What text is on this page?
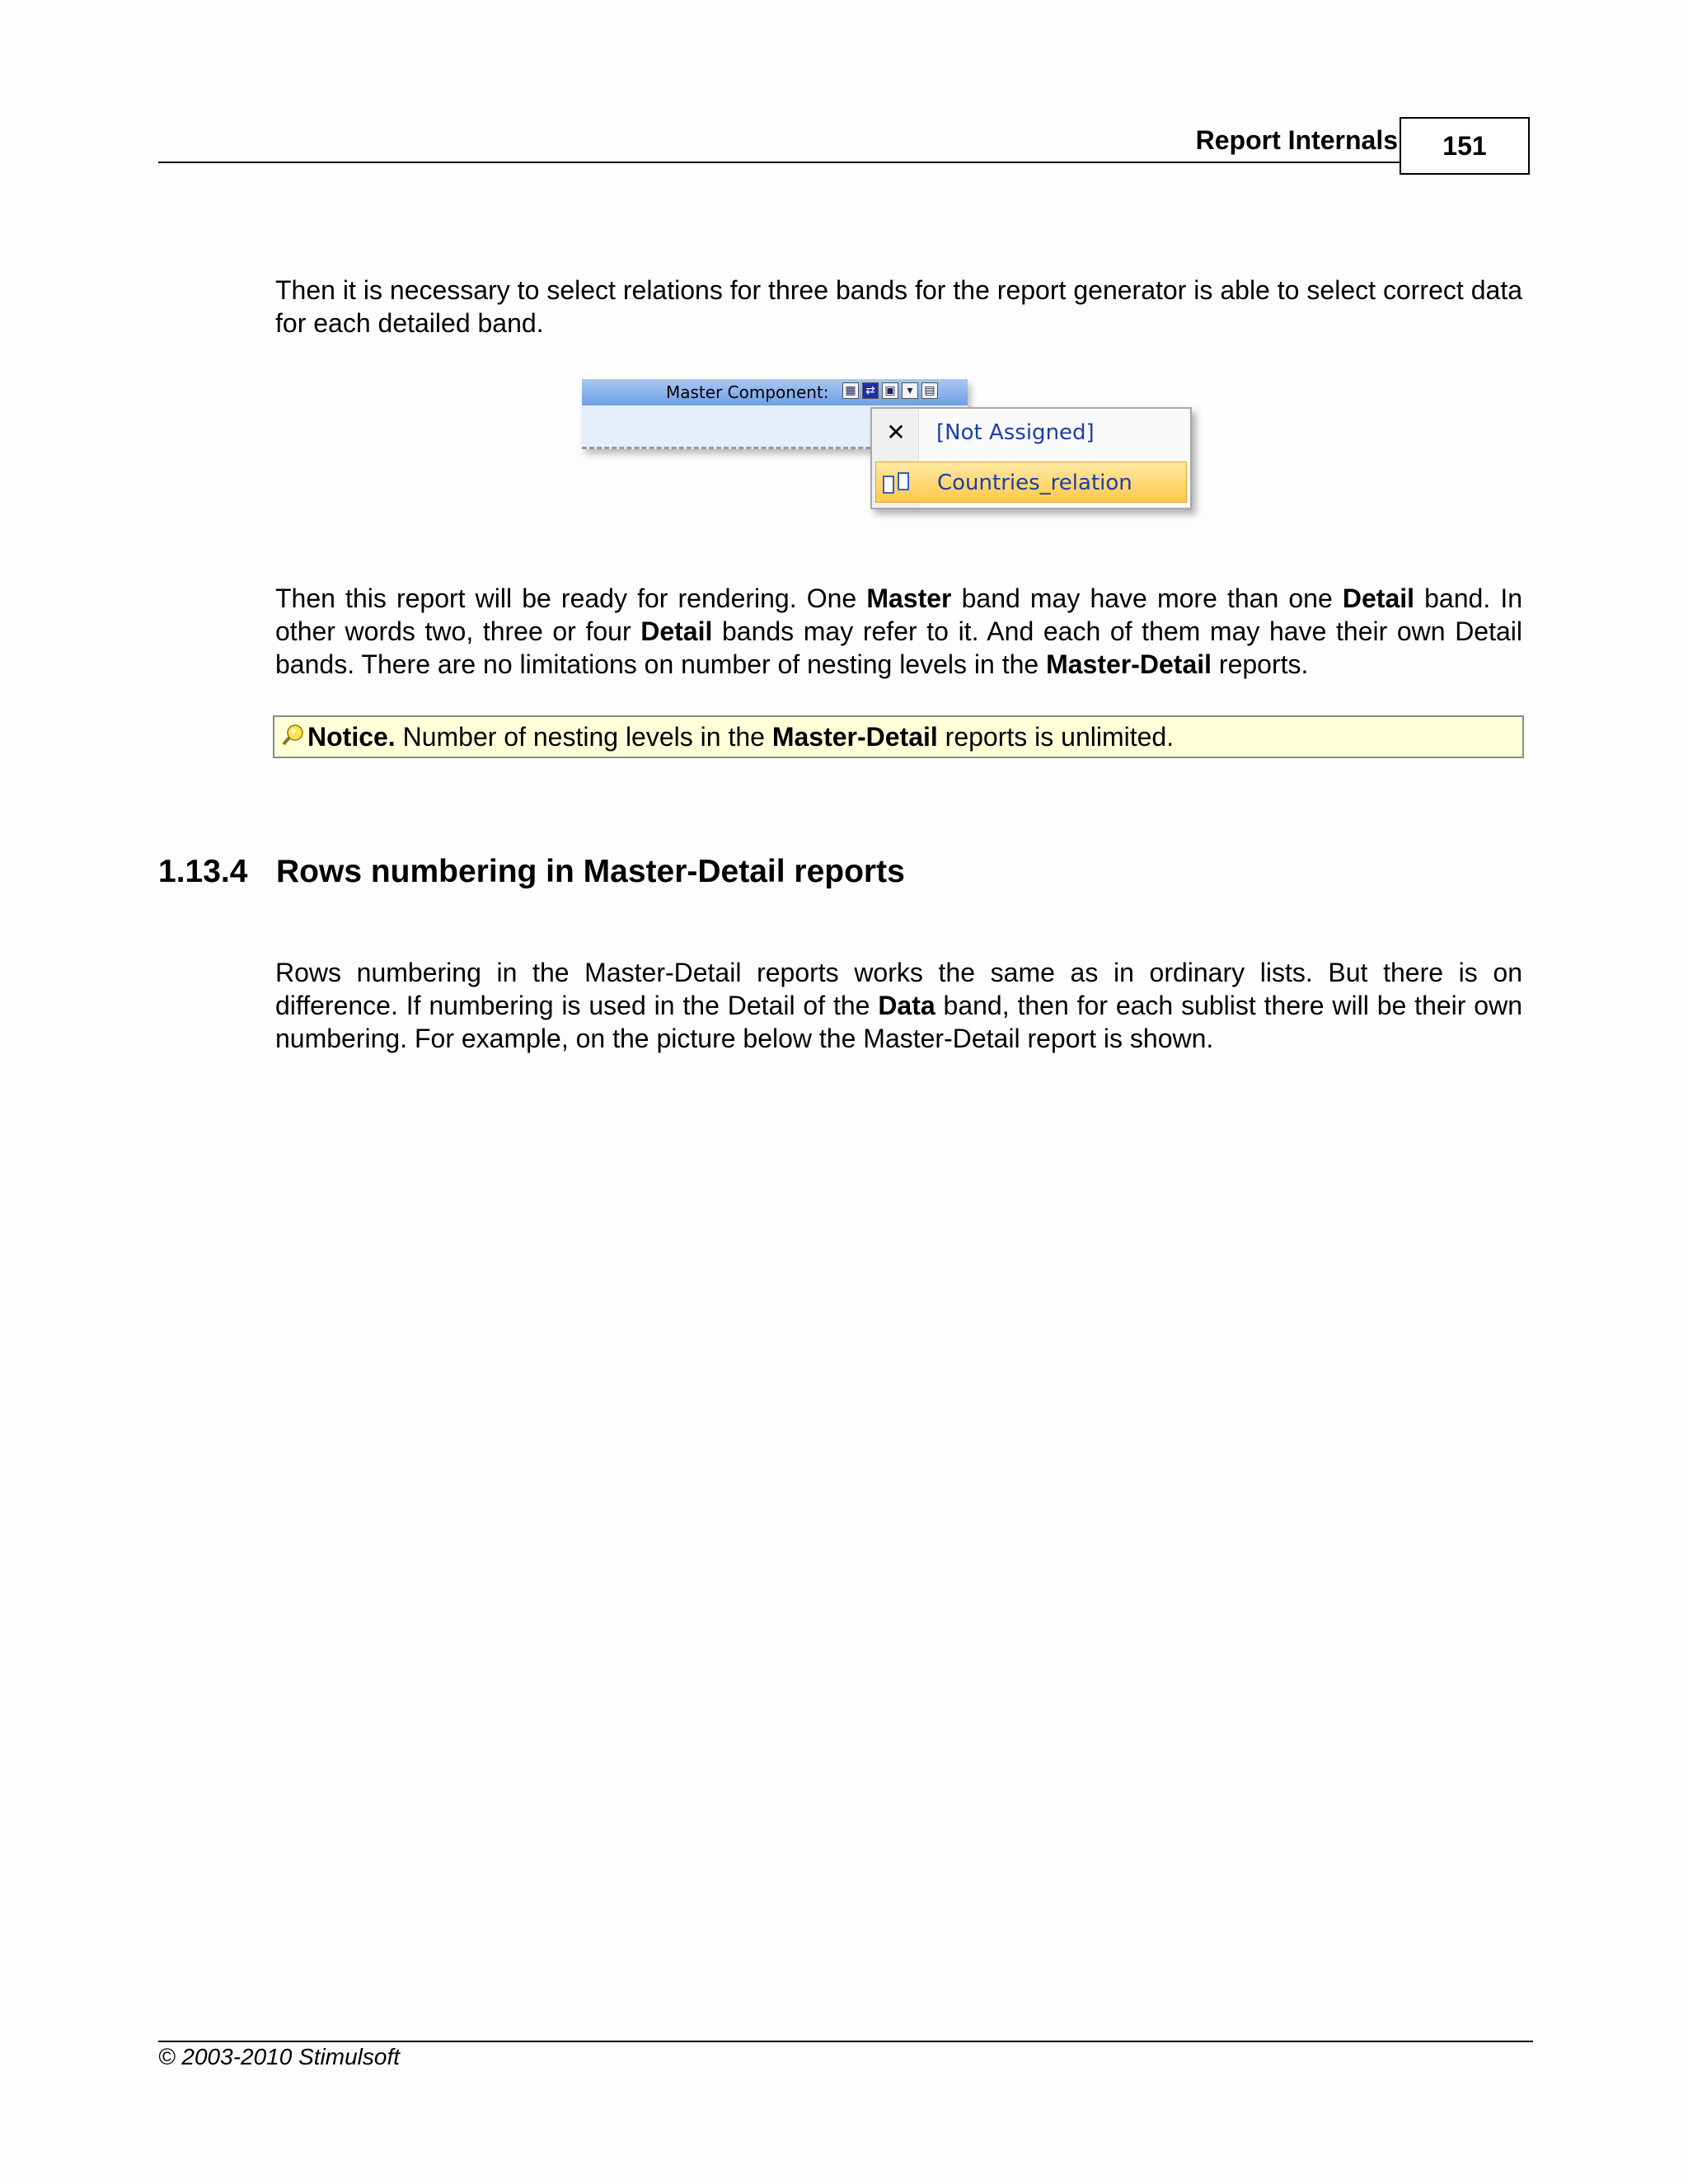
Report Internals 151

Then it is necessary to select relations for three bands for the report generator is able to select correct data for each detailed band.

Master Component: ▦ ⇄ ▣ ▾ ▤
✕ [Not Assigned]
Countries_relation

Then this report will be ready for rendering. One Master band may have more than one Detail band. In other words two, three or four Detail bands may refer to it. And each of them may have their own Detail bands. There are no limitations on number of nesting levels in the Master-Detail reports.

Notice. Number of nesting levels in the Master-Detail reports is unlimited.
1.13.4 Rows numbering in Master-Detail reports

Rows numbering in the Master-Detail reports works the same as in ordinary lists. But there is on difference. If numbering is used in the Detail of the Data band, then for each sublist there will be their own numbering. For example, on the picture below the Master-Detail report is shown.

© 2003-2010 Stimulsoft
